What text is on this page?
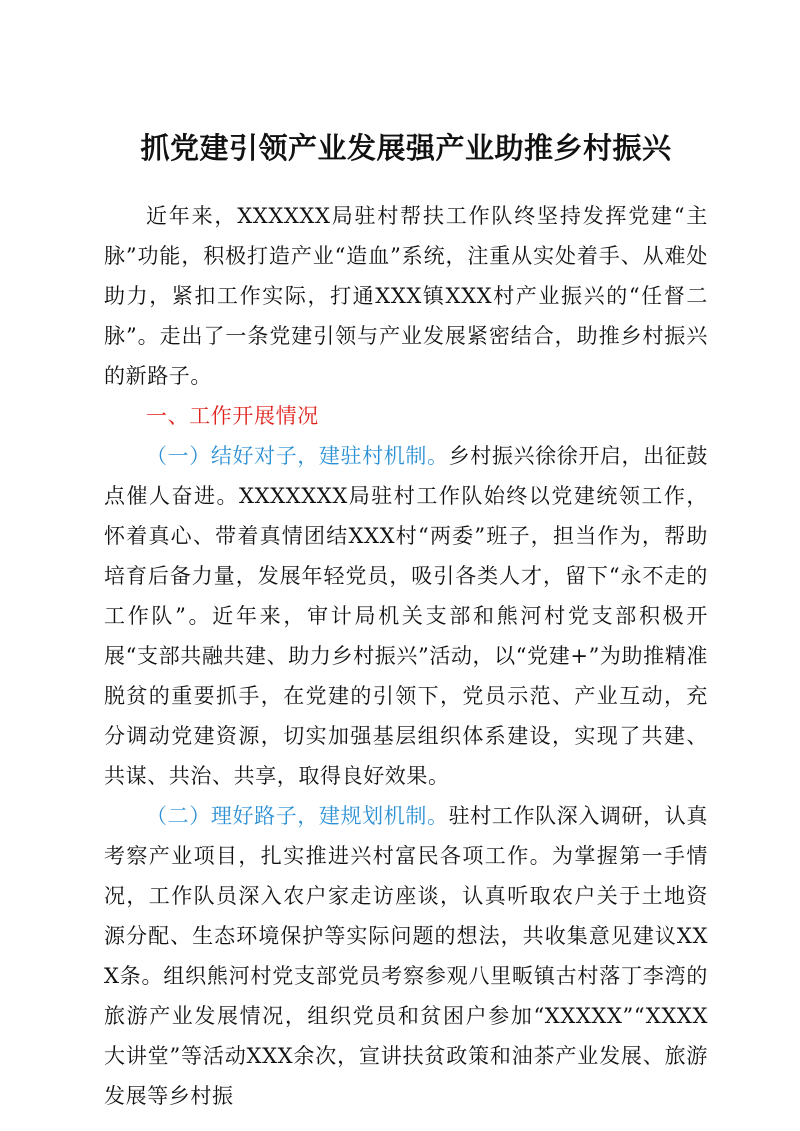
抓党建引领产业发展强产业助推乡村振兴

近年来，XXXXXX局驻村帮扶工作队终坚持发挥党建“主脉”功能，积极打造产业“造血”系统，注重从实处着手、从难处助力，紧扣工作实际，打通XXX镇XXX村产业振兴的“任督二脉”。走出了一条党建引领与产业发展紧密结合，助推乡村振兴的新路子。

一、工作开展情况

（一）结好对子，建驻村机制。乡村振兴徐徐开启，出征鼓点催人奋进。XXXXXXX局驻村工作队始终以党建统领工作，怀着真心、带着真情团结XXX村“两委”班子，担当作为，帮助培育后备力量，发展年轻党员，吸引各类人才，留下“永不走的工作队”。近年来，审计局机关支部和熊河村党支部积极开展“支部共融共建、助力乡村振兴”活动，以“党建+”为助推精准脱贫的重要抓手，在党建的引领下，党员示范、产业互动，充分调动党建资源，切实加强基层组织体系建设，实现了共建、共谋、共治、共享，取得良好效果。

（二）理好路子，建规划机制。驻村工作队深入调研，认真考察产业项目，扎实推进兴村富民各项工作。为掌握第一手情况，工作队员深入农户家走访座谈，认真听取农户关于土地资源分配、生态环境保护等实际问题的想法，共收集意见建议XXX条。组织熊河村党支部党员考察参观八里畈镇古村落丁李湾的旅游产业发展情况，组织党员和贫困户参加“XXXXX”“XXXX大讲堂”等活动XXX余次，宣讲扶贫政策和油茶产业发展、旅游发展等乡村振
